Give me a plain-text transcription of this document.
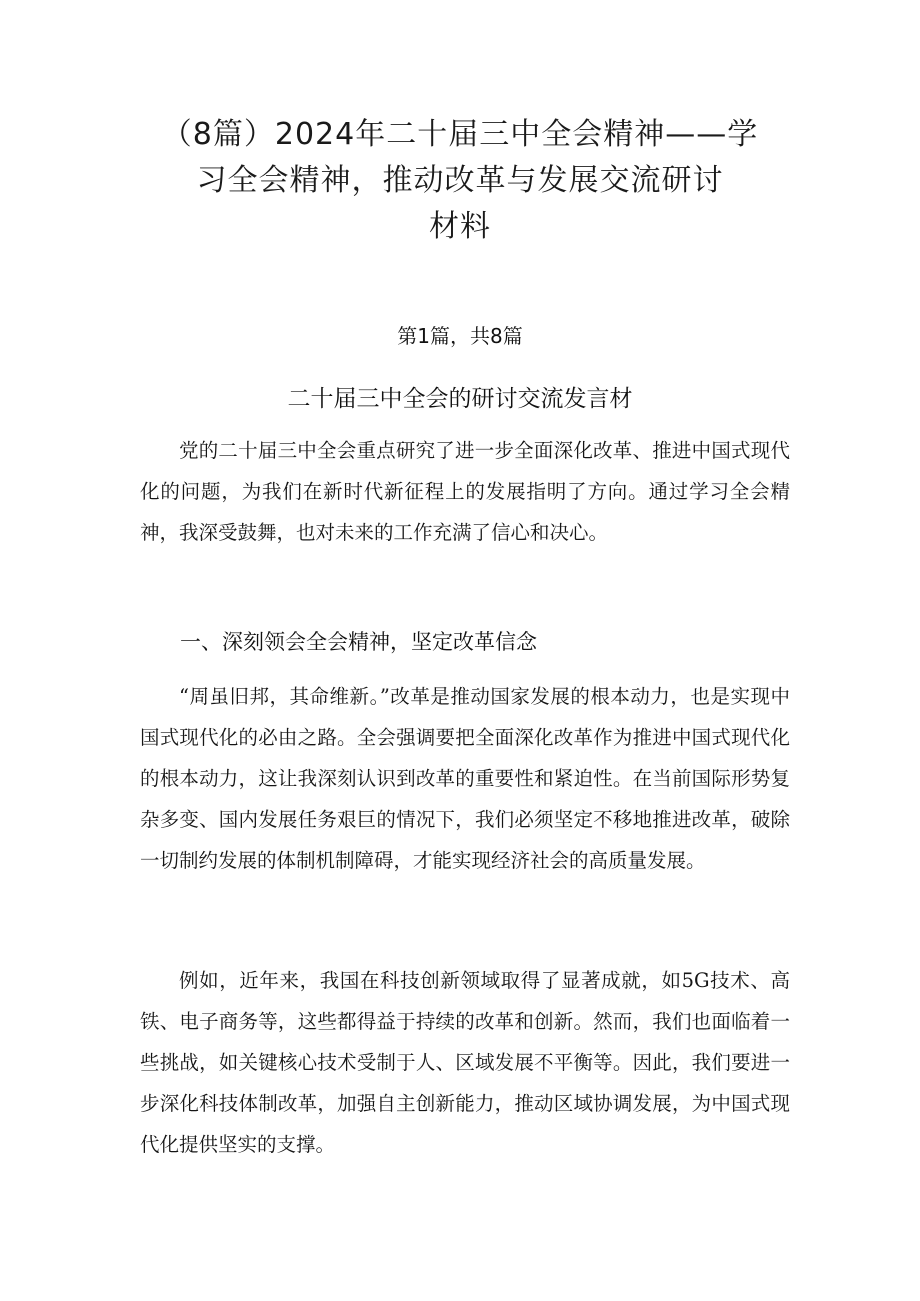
（8篇）2024年二十届三中全会精神——学
习全会精神，推动改革与发展交流研讨
材料
第1篇，共8篇
二十届三中全会的研讨交流发言材

党的二十届三中全会重点研究了进一步全面深化改革、推进中国式现代化的问题，为我们在新时代新征程上的发展指明了方向。通过学习全会精神，我深受鼓舞，也对未来的工作充满了信心和决心。

一、深刻领会全会精神，坚定改革信念

“周虽旧邦，其命维新。”改革是推动国家发展的根本动力，也是实现中国式现代化的必由之路。全会强调要把全面深化改革作为推进中国式现代化的根本动力，这让我深刻认识到改革的重要性和紧迫性。在当前国际形势复杂多变、国内发展任务艰巨的情况下，我们必须坚定不移地推进改革，破除一切制约发展的体制机制障碍，才能实现经济社会的高质量发展。

例如，近年来，我国在科技创新领域取得了显著成就，如5G技术、高铁、电子商务等，这些都得益于持续的改革和创新。然而，我们也面临着一些挑战，如关键核心技术受制于人、区域发展不平衡等。因此，我们要进一步深化科技体制改革，加强自主创新能力，推动区域协调发展，为中国式现代化提供坚实的支撑。
